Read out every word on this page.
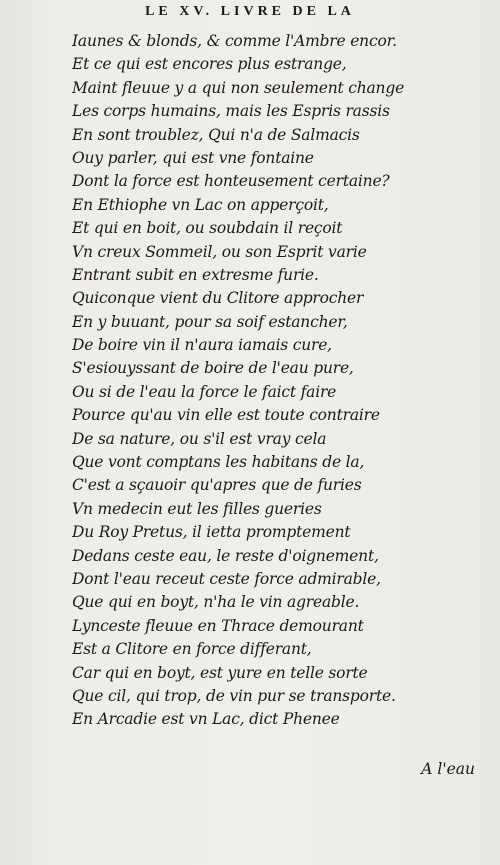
LE XV. LIVRE DE LA
Iaunes & blonds, & comme l'Ambre encor.
Et ce qui est encores plus estrange,
Maint fleuue y a qui non seulement change
Les corps humains, mais les Espris rassis
En sont troublez, Qui n'a de Salmacis
Ouy parler, qui est vne fontaine
Dont la force est honteusement certaine?
En Ethiophe vn Lac on apperçoit,
Et qui en boit, ou soubdain il reçoit
Vn creux Sommeil, ou son Esprit varie
Entrant subit en extresme furie.
Quiconque vient du Clitore approcher
En y buuant, pour sa soif estancher,
De boire vin il n'aura iamais cure,
S'esiouyssant de boire de l'eau pure,
Ou si de l'eau la force le faict faire
Pource qu'au vin elle est toute contraire
De sa nature, ou s'il est vray cela
Que vont comptans les habitans de la,
C'est a sçauoir qu'apres que de furies
Vn medecin eut les filles gueries
Du Roy Pretus, il ietta promptement
Dedans ceste eau, le reste d'oignement,
Dont l'eau receut ceste force admirable,
Que qui en boyt, n'ha le vin agreable.
Lynceste fleuue en Thrace demourant
Est a Clitore en force differant,
Car qui en boyt, est yure en telle sorte
Que cil, qui trop, de vin pur se transporte.
En Arcadie est vn Lac, dict Phenee
A l'eau
